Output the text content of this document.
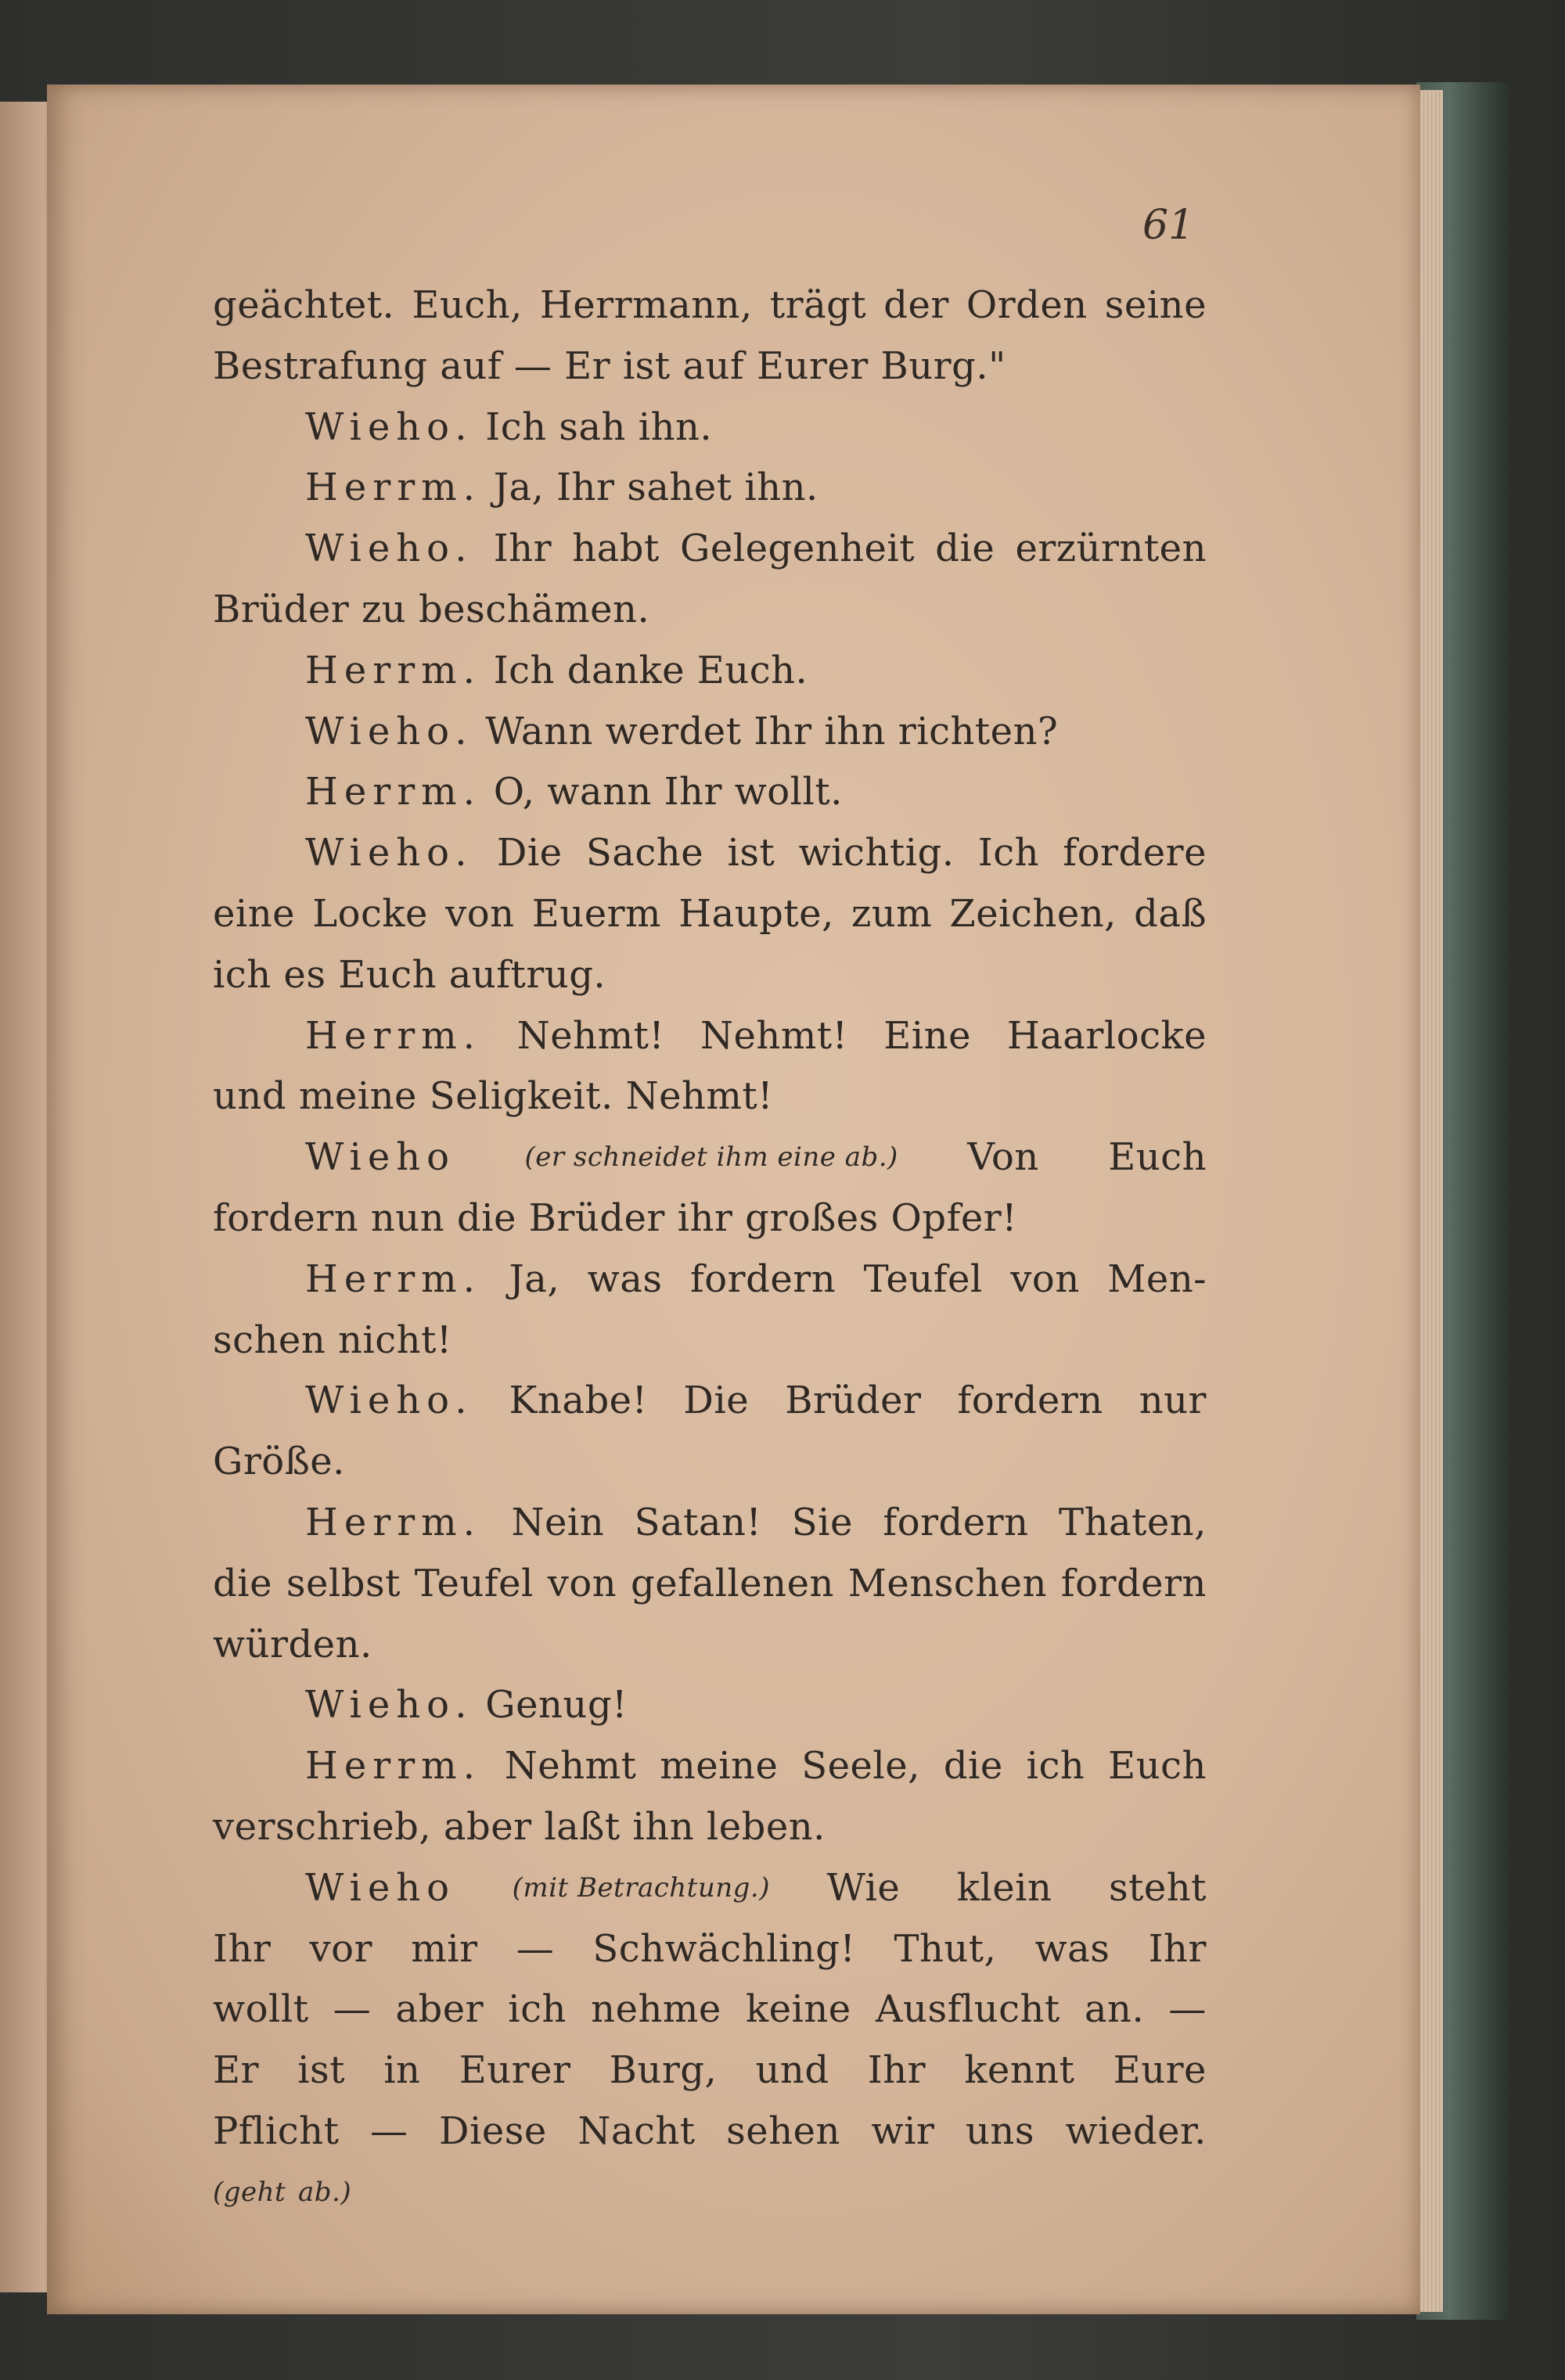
61
geächtet. Euch, Herrmann, trägt der Orden seine
Bestrafung
auf
—
Er
ist
auf
Eurer
Burg."
Wieho.
Ich
sah
ihn.
Herrm.
Ja,
Ihr
sahet
ihn.
Wieho. Ihr habt Gelegenheit die erzürnten
Brüder
zu
beschämen.
Herrm.
Ich
danke
Euch.
Wieho.
Wann
werdet
Ihr
ihn
richten?
Herrm.
O,
wann
Ihr
wollt.
Wieho. Die Sache ist wichtig. Ich fordere
eine Locke von Euerm Haupte, zum Zeichen, daß
ich
es
Euch
auftrug.
Herrm. Nehmt! Nehmt! Eine Haarlocke
und
meine
Seligkeit.
Nehmt!
Wieho	(er schneidet ihm eine ab.) Von Euch
fordern
nun
die
Brüder
ihr
großes
Opfer!
Herrm. Ja, was fordern Teufel von Men-
schen
nicht!
Wieho. Knabe! Die Brüder fordern nur
Größe.
Herrm. Nein Satan! Sie fordern Thaten,
die selbst Teufel von gefallenen Menschen fordern
würden.
Wieho.
Genug!
Herrm. Nehmt meine Seele, die ich Euch
verschrieb,
aber
laßt
ihn
leben.
Wieho (mit Betrachtung.) Wie klein steht
Ihr vor mir — Schwächling! Thut, was Ihr
wollt — aber ich nehme keine Ausflucht an. —
Er ist in Eurer Burg, und Ihr kennt Eure
Pflicht — Diese Nacht sehen wir uns wieder.
(geht
ab.)
